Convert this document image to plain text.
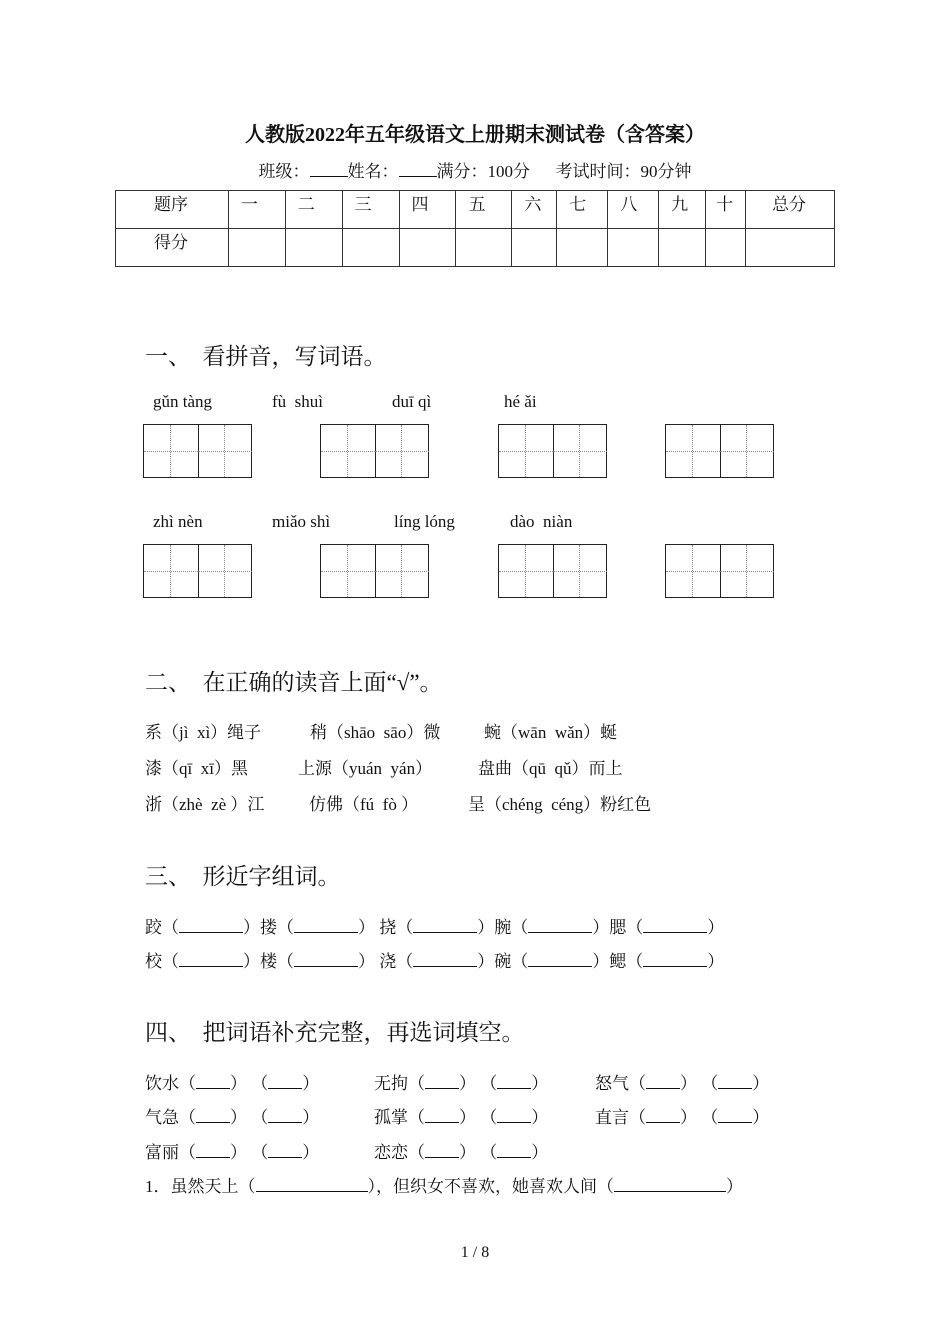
人教版2022年五年级语文上册期末测试卷（含答案）
班级： 姓名： 满分：100分 考试时间：90分钟
题序	一	二	三	四	五	六	七	八	九	十	总分
得分											
一、  看拼音，写词语。
gǔn tàng	fù  shuì	duī qì	hé ǎi
zhì nèn	miǎo shì	líng lóng	dào  niàn
二、  在正确的读音上面“√”。
系（jì  xì）绳子	稍（shāo  sāo）微	蜿（wān  wǎn）蜒
漆（qī  xī）黑	上源（yuán  yán）	盘曲（qū  qǔ）而上
浙（zhè  zè ）江	仿佛（fú  fò ）	呈（chéng  céng）粉红色
三、  形近字组词。
跤（	）搂（	） 挠（	）腕（	）腮（	）
校（	）楼（	） 浇（	）碗（	）鳃（	）
四、  把词语补充完整，再选词填空。
饮水（ ） （ ）	无拘（ ） （ ）	怒气（ ） （ ）
气急（ ） （ ）	孤掌（ ） （ ）	直言（ ） （ ）
富丽（ ） （ ）	恋恋（ ） （ ）
1．虽然天上（	），但织女不喜欢，她喜欢人间（	）
1 / 8
